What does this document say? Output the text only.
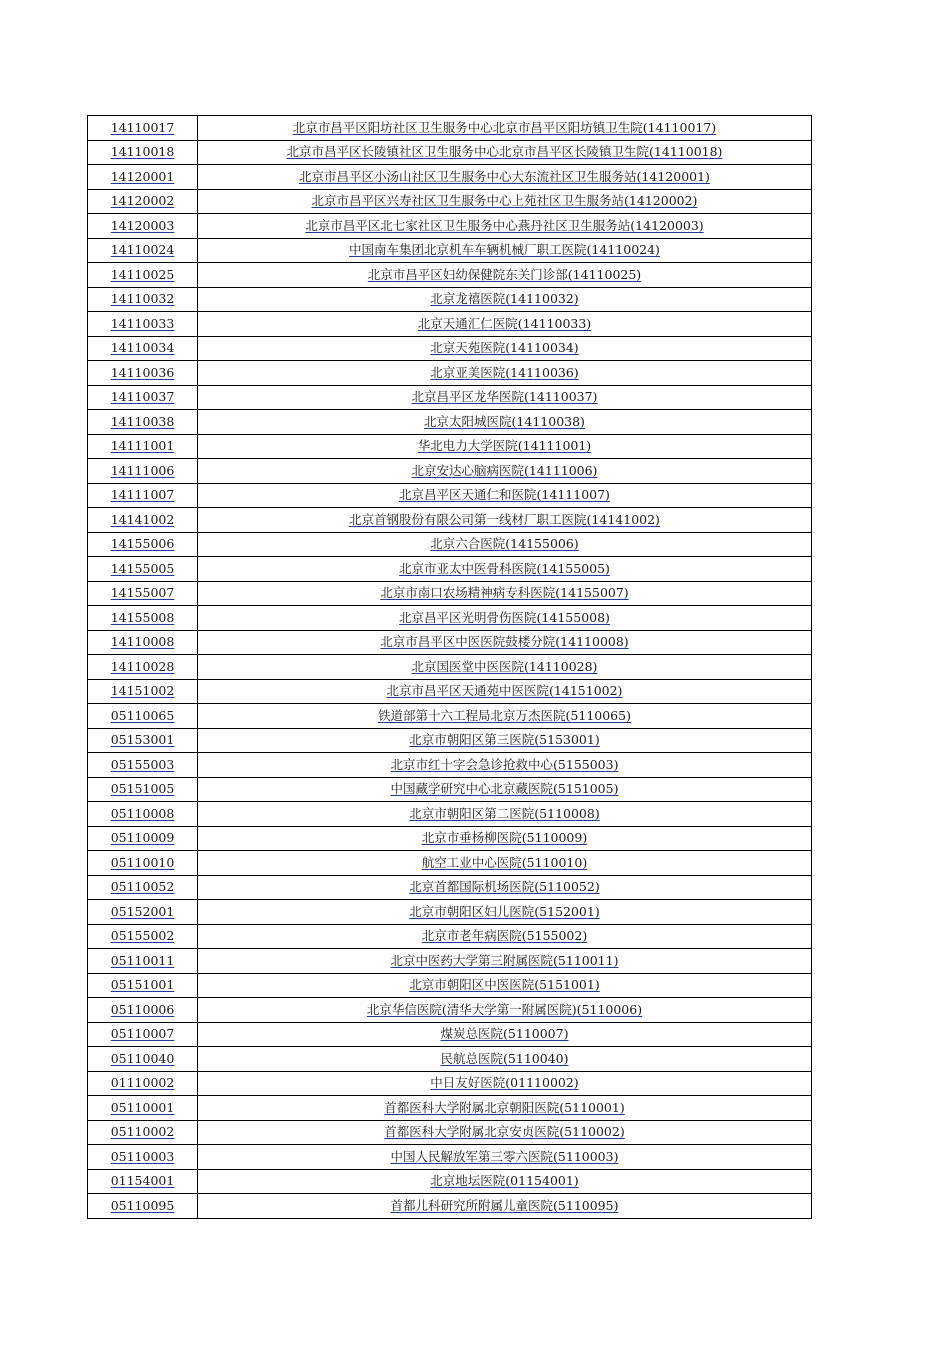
14110017	北京市昌平区阳坊社区卫生服务中心北京市昌平区阳坊镇卫生院(14110017)
14110018	北京市昌平区长陵镇社区卫生服务中心北京市昌平区长陵镇卫生院(14110018)
14120001	北京市昌平区小汤山社区卫生服务中心大东流社区卫生服务站(14120001)
14120002	北京市昌平区兴寿社区卫生服务中心上苑社区卫生服务站(14120002)
14120003	北京市昌平区北七家社区卫生服务中心燕丹社区卫生服务站(14120003)
14110024	中国南车集团北京机车车辆机械厂职工医院(14110024)
14110025	北京市昌平区妇幼保健院东关门诊部(14110025)
14110032	北京龙禧医院(14110032)
14110033	北京天通汇仁医院(14110033)
14110034	北京天苑医院(14110034)
14110036	北京亚美医院(14110036)
14110037	北京昌平区龙华医院(14110037)
14110038	北京太阳城医院(14110038)
14111001	华北电力大学医院(14111001)
14111006	北京安达心脑病医院(14111006)
14111007	北京昌平区天通仁和医院(14111007)
14141002	北京首钢股份有限公司第一线材厂职工医院(14141002)
14155006	北京六合医院(14155006)
14155005	北京市亚太中医骨科医院(14155005)
14155007	北京市南口农场精神病专科医院(14155007)
14155008	北京昌平区光明骨伤医院(14155008)
14110008	北京市昌平区中医医院鼓楼分院(14110008)
14110028	北京国医堂中医医院(14110028)
14151002	北京市昌平区天通苑中医医院(14151002)
05110065	铁道部第十六工程局北京万杰医院(5110065)
05153001	北京市朝阳区第三医院(5153001)
05155003	北京市红十字会急诊抢救中心(5155003)
05151005	中国藏学研究中心北京藏医院(5151005)
05110008	北京市朝阳区第二医院(5110008)
05110009	北京市垂杨柳医院(5110009)
05110010	航空工业中心医院(5110010)
05110052	北京首都国际机场医院(5110052)
05152001	北京市朝阳区妇儿医院(5152001)
05155002	北京市老年病医院(5155002)
05110011	北京中医药大学第三附属医院(5110011)
05151001	北京市朝阳区中医医院(5151001)
05110006	北京华信医院(清华大学第一附属医院)(5110006)
05110007	煤炭总医院(5110007)
05110040	民航总医院(5110040)
01110002	中日友好医院(01110002)
05110001	首都医科大学附属北京朝阳医院(5110001)
05110002	首都医科大学附属北京安贞医院(5110002)
05110003	中国人民解放军第三零六医院(5110003)
01154001	北京地坛医院(01154001)
05110095	首都儿科研究所附属儿童医院(5110095)
